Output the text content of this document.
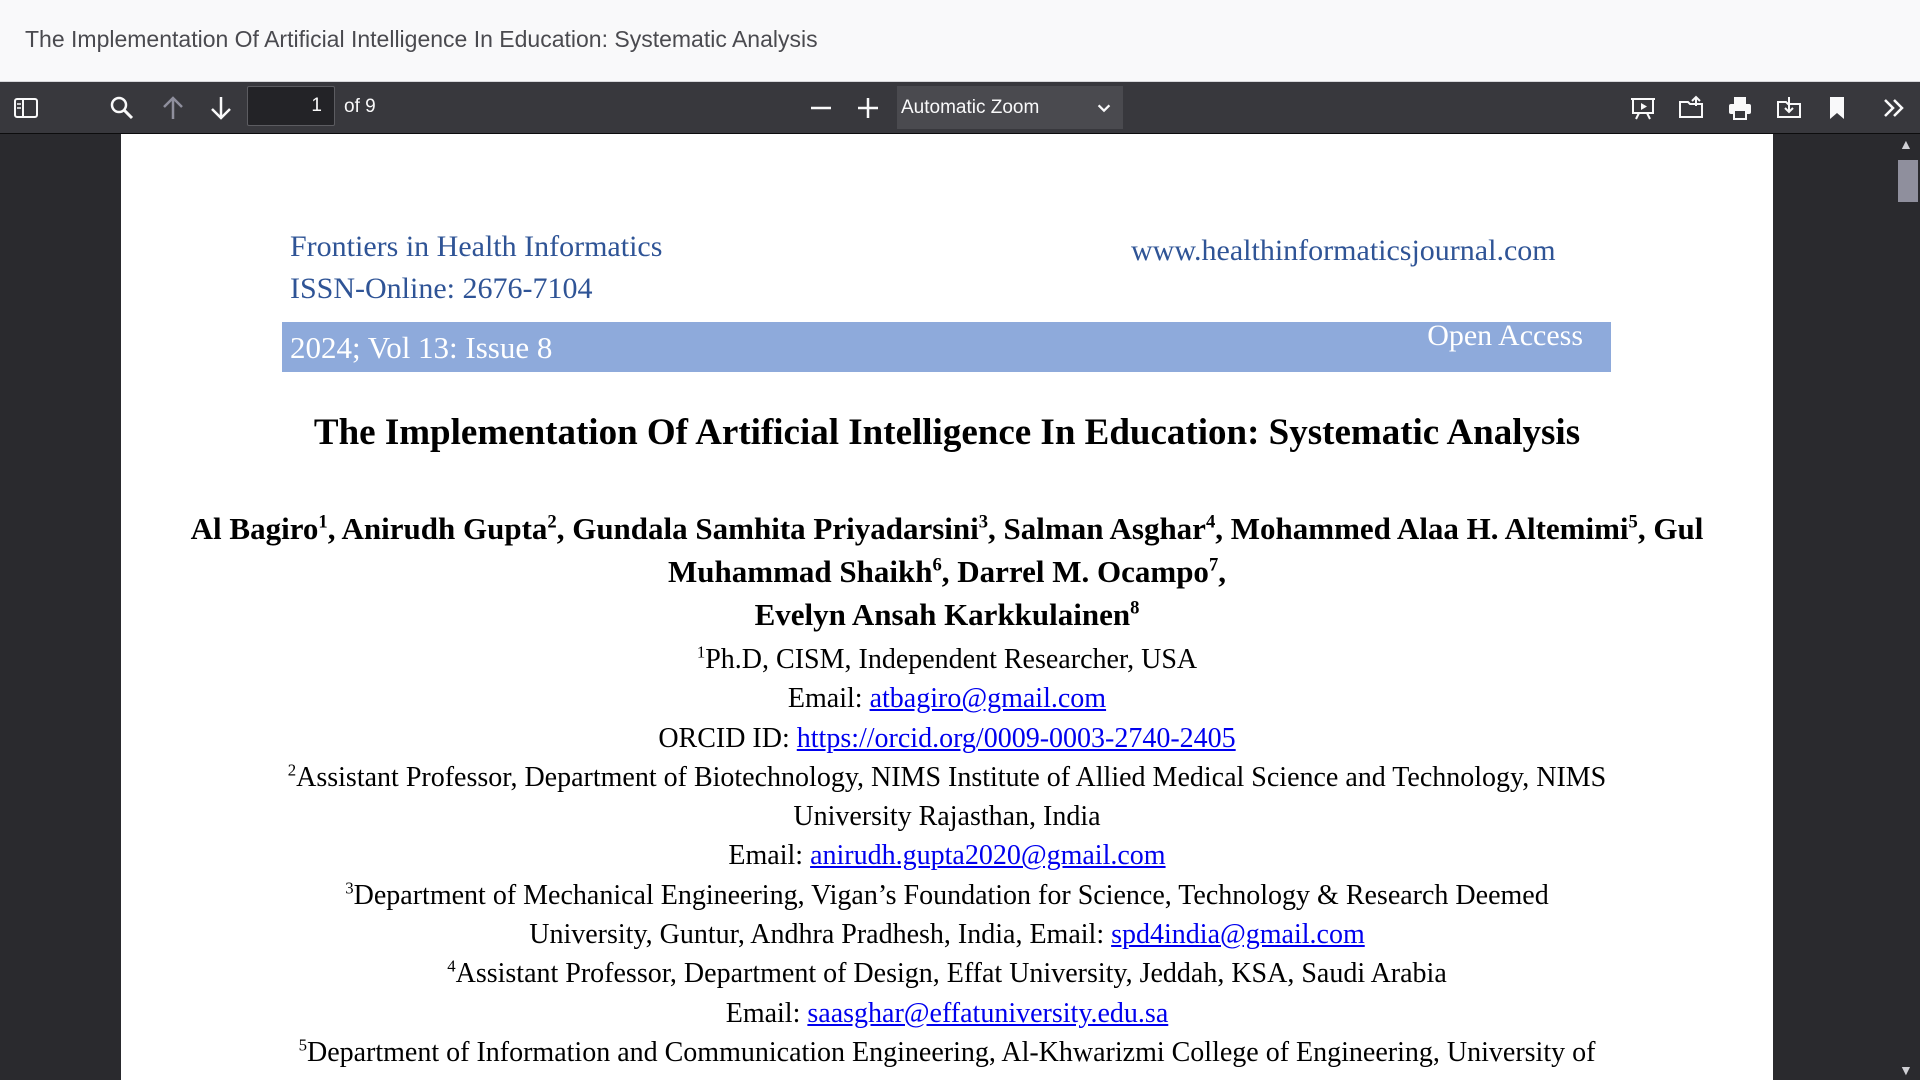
The Implementation Of Artificial Intelligence In Education: Systematic Analysis
1	of 9	Automatic Zoom
Frontiers in Health Informatics
ISSN-Online: 2676-7104
www.healthinformaticsjournal.com
2024; Vol 13: Issue 8	Open Access
The Implementation Of Artificial Intelligence In Education: Systematic Analysis
Al Bagiro$^1$, Anirudh Gupta$^2$, Gundala Samhita Priyadarsini$^3$, Salman Asghar$^4$, Mohammed Alaa H. Altemimi$^5$, Gul Muhammad Shaikh$^6$, Darrel M. Ocampo$^7$,
Evelyn Ansah Karkkulainen$^8$
$^1$Ph.D, CISM, Independent Researcher, USA
Email: atbagiro@gmail.com
ORCID ID: https://orcid.org/0009-0003-2740-2405
$^2$Assistant Professor, Department of Biotechnology, NIMS Institute of Allied Medical Science and Technology, NIMS
University Rajasthan, India
Email: anirudh.gupta2020@gmail.com
$^3$Department of Mechanical Engineering, Vigan’s Foundation for Science, Technology & Research Deemed
University, Guntur, Andhra Pradhesh, India, Email: spd4india@gmail.com
$^4$Assistant Professor, Department of Design, Effat University, Jeddah, KSA, Saudi Arabia
Email: saasghar@effatuniversity.edu.sa
$^5$Department of Information and Communication Engineering, Al-Khwarizmi College of Engineering, University of
▲
▼
